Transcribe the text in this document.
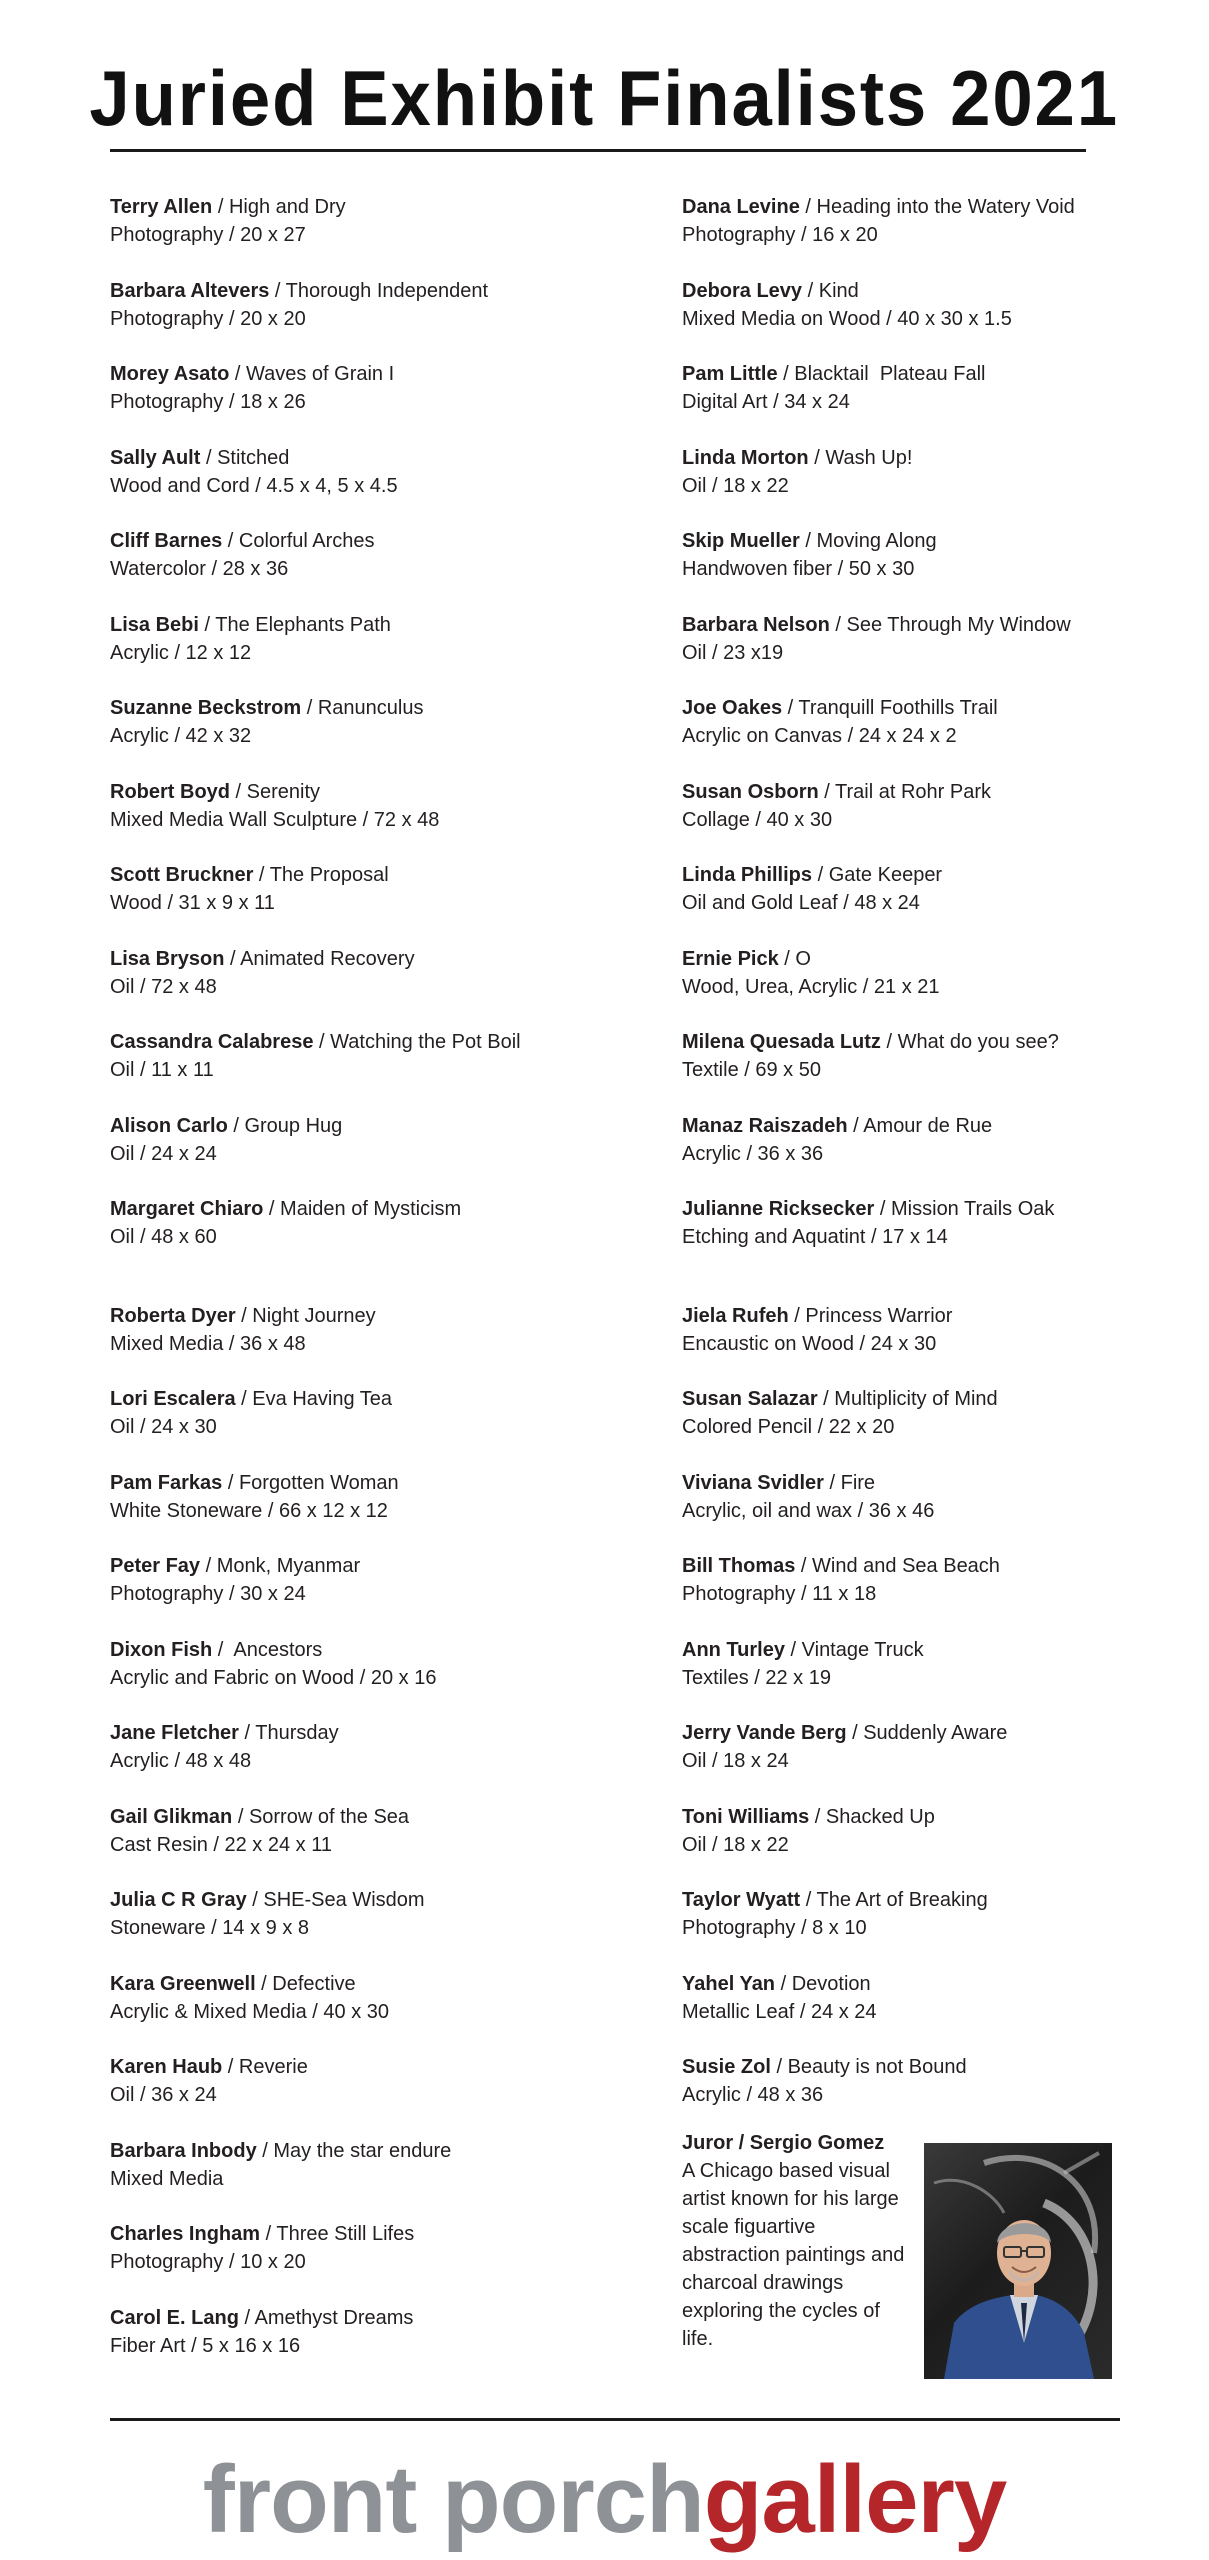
Juried Exhibit Finalists 2021
Terry Allen / High and Dry
Photography / 20 x 27
Barbara Altevers / Thorough Independent
Photography / 20 x 20
Morey Asato / Waves of Grain I
Photography / 18 x 26
Sally Ault / Stitched
Wood and Cord / 4.5 x 4, 5 x 4.5
Cliff Barnes / Colorful Arches
Watercolor / 28 x 36
Lisa Bebi / The Elephants Path
Acrylic / 12 x 12
Suzanne Beckstrom / Ranunculus
Acrylic / 42 x 32
Robert Boyd / Serenity
Mixed Media Wall Sculpture / 72 x 48
Scott Bruckner / The Proposal
Wood / 31 x 9 x 11
Lisa Bryson / Animated Recovery
Oil / 72 x 48
Cassandra Calabrese / Watching the Pot Boil
Oil / 11 x 11
Alison Carlo / Group Hug
Oil / 24 x 24
Margaret Chiaro / Maiden of Mysticism
Oil / 48 x 60
Roberta Dyer / Night Journey
Mixed Media / 36 x 48
Lori Escalera / Eva Having Tea
Oil / 24 x 30
Pam Farkas / Forgotten Woman
White Stoneware / 66 x 12 x 12
Peter Fay / Monk, Myanmar
Photography / 30 x 24
Dixon Fish /  Ancestors
Acrylic and Fabric on Wood / 20 x 16
Jane Fletcher / Thursday
Acrylic / 48 x 48
Gail Glikman / Sorrow of the Sea
Cast Resin / 22 x 24 x 11
Julia C R Gray / SHE-Sea Wisdom
Stoneware / 14 x 9 x 8
Kara Greenwell / Defective
Acrylic & Mixed Media / 40 x 30
Karen Haub / Reverie
Oil / 36 x 24
Barbara Inbody / May the star endure
Mixed Media
Charles Ingham / Three Still Lifes
Photography / 10 x 20
Carol E. Lang / Amethyst Dreams
Fiber Art / 5 x 16 x 16
Dana Levine / Heading into the Watery Void
Photography / 16 x 20
Debora Levy / Kind
Mixed Media on Wood / 40 x 30 x 1.5
Pam Little / Blacktail  Plateau Fall
Digital Art / 34 x 24
Linda Morton / Wash Up!
Oil / 18 x 22
Skip Mueller / Moving Along
Handwoven fiber / 50 x 30
Barbara Nelson / See Through My Window
Oil / 23 x19
Joe Oakes / Tranquill Foothills Trail
Acrylic on Canvas / 24 x 24 x 2
Susan Osborn / Trail at Rohr Park
Collage / 40 x 30
Linda Phillips / Gate Keeper
Oil and Gold Leaf / 48 x 24
Ernie Pick / O
Wood, Urea, Acrylic / 21 x 21
Milena Quesada Lutz / What do you see?
Textile / 69 x 50
Manaz Raiszadeh / Amour de Rue
Acrylic / 36 x 36
Julianne Ricksecker / Mission Trails Oak
Etching and Aquatint / 17 x 14
Jiela Rufeh / Princess Warrior
Encaustic on Wood / 24 x 30
Susan Salazar / Multiplicity of Mind
Colored Pencil / 22 x 20
Viviana Svidler / Fire
Acrylic, oil and wax / 36 x 46
Bill Thomas / Wind and Sea Beach
Photography / 11 x 18
Ann Turley / Vintage Truck
Textiles / 22 x 19
Jerry Vande Berg / Suddenly Aware
Oil / 18 x 24
Toni Williams / Shacked Up
Oil / 18 x 22
Taylor Wyatt / The Art of Breaking
Photography / 8 x 10
Yahel Yan / Devotion
Metallic Leaf / 24 x 24
Susie Zol / Beauty is not Bound
Acrylic / 48 x 36
Juror / Sergio Gomez
A Chicago based visual artist known for his large scale figuartive abstraction paintings and charcoal drawings exploring the cycles of life.
front porchgallery
